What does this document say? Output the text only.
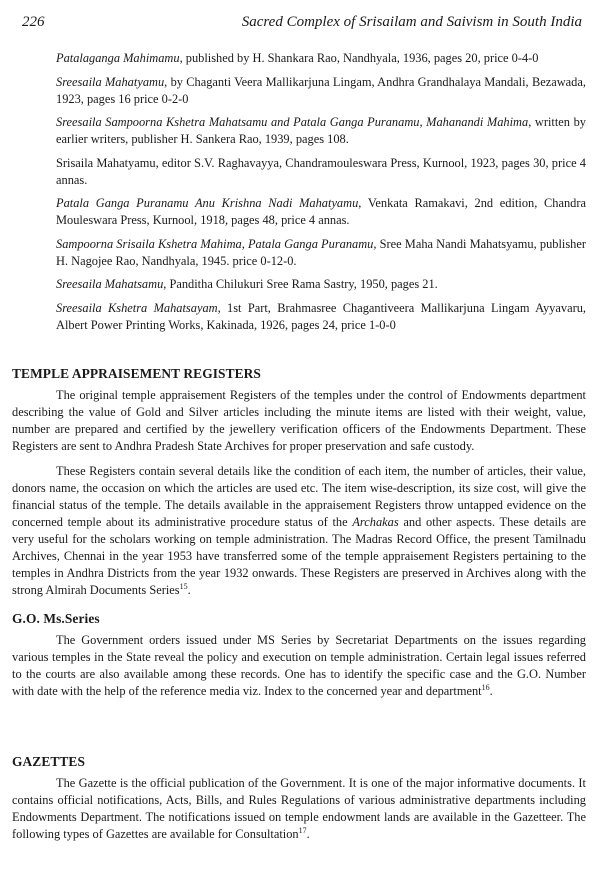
226	Sacred Complex of Srisailam and Saivism in South India

Patalaganga Mahimamu, published by H. Shankara Rao, Nandhyala, 1936, pages 20, price 0-4-0

Sreesaila Mahatyamu, by Chaganti Veera Mallikarjuna Lingam, Andhra Grandhalaya Mandali, Bezawada, 1923, pages 16 price 0-2-0

Sreesaila Sampoorna Kshetra Mahatsamu and Patala Ganga Puranamu, Mahanandi Mahima, written by earlier writers, publisher H. Sankera Rao, 1939, pages 108.

Srisaila Mahatyamu, editor S.V. Raghavayya, Chandramouleswara Press, Kurnool, 1923, pages 30, price 4 annas.

Patala Ganga Puranamu Anu Krishna Nadi Mahatyamu, Venkata Ramakavi, 2nd edition, Chandra Mouleswara Press, Kurnool, 1918, pages 48, price 4 annas.

Sampoorna Srisaila Kshetra Mahima, Patala Ganga Puranamu, Sree Maha Nandi Mahatsyamu, publisher H. Nagojee Rao, Nandhyala, 1945. price 0-12-0.

Sreesaila Mahatsamu, Panditha Chilukuri Sree Rama Sastry, 1950, pages 21.

Sreesaila Kshetra Mahatsayam, 1st Part, Brahmasree Chagantiveera Mallikarjuna Lingam Ayyavaru, Albert Power Printing Works, Kakinada, 1926, pages 24, price 1-0-0

TEMPLE APPRAISEMENT REGISTERS

The original temple appraisement Registers of the temples under the control of Endowments department describing the value of Gold and Silver articles including the minute items are listed with their weight, value, number are prepared and certified by the jewellery verification officers of the Endowments Department. These Registers are sent to Andhra Pradesh State Archives for proper preservation and safe custody.

These Registers contain several details like the condition of each item, the number of articles, their value, donors name, the occasion on which the articles are used etc. The item wise-description, its size cost, will give the financial status of the temple. The details available in the appraisement Registers throw untapped evidence on the concerned temple about its administrative procedure status of the Archakas and other aspects. These details are very useful for the scholars working on temple administration. The Madras Record Office, the present Tamilnadu Archives, Chennai in the year 1953 have transferred some of the temple appraisement Registers pertaining to the temples in Andhra Districts from the year 1932 onwards. These Registers are preserved in Archives along with the strong Almirah Documents Series$^{15}$.

G.O. Ms.Series

The Government orders issued under MS Series by Secretariat Departments on the issues regarding various temples in the State reveal the policy and execution on temple administration. Certain legal issues referred to the courts are also available among these records. One has to identify the specific case and the G.O. Number with date with the help of the reference media viz. Index to the concerned year and department$^{16}$.

GAZETTES

The Gazette is the official publication of the Government. It is one of the major informative documents. It contains official notifications, Acts, Bills, and Rules Regulations of various administrative departments including Endowments Department. The notifications issued on temple endowment lands are available in the Gazetteer. The following types of Gazettes are available for Consultation$^{17}$.
